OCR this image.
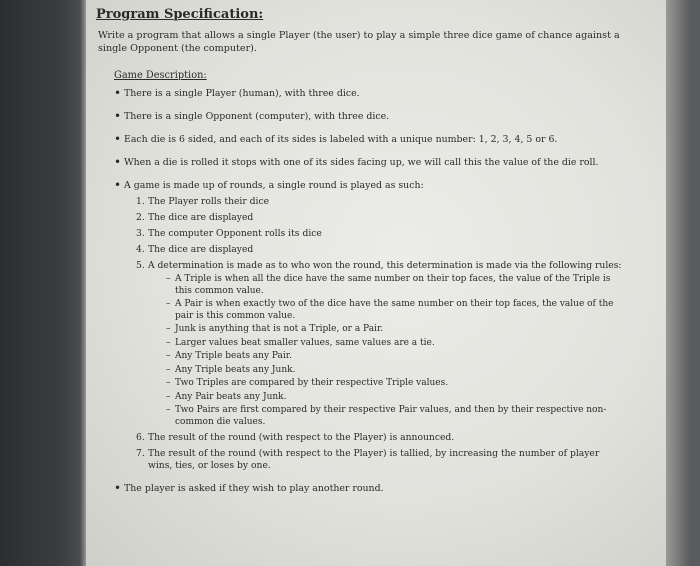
Program Specification:
Write a program that allows a single Player (the user) to play a simple three dice game of chance against a single Opponent (the computer).
Game Description:
• There is a single Player (human), with three dice.
• There is a single Opponent (computer), with three dice.
• Each die is 6 sided, and each of its sides is labeled with a unique number: 1, 2, 3, 4, 5 or 6.
• When a die is rolled it stops with one of its sides facing up, we will call this the value of the die roll.
• A game is made up of rounds, a single round is played as such:
1. The Player rolls their dice
2. The dice are displayed
3. The computer Opponent rolls its dice
4. The dice are displayed
5. A determination is made as to who won the round, this determination is made via the following rules:
– A Triple is when all the dice have the same number on their top faces, the value of the Triple is this common value.
– A Pair is when exactly two of the dice have the same number on their top faces, the value of the pair is this common value.
– Junk is anything that is not a Triple, or a Pair.
– Larger values beat smaller values, same values are a tie.
– Any Triple beats any Pair.
– Any Triple beats any Junk.
– Two Triples are compared by their respective Triple values.
– Any Pair beats any Junk.
– Two Pairs are first compared by their respective Pair values, and then by their respective non-common die values.
6. The result of the round (with respect to the Player) is announced.
7. The result of the round (with respect to the Player) is tallied, by increasing the number of player wins, ties, or loses by one.
• The player is asked if they wish to play another round.
